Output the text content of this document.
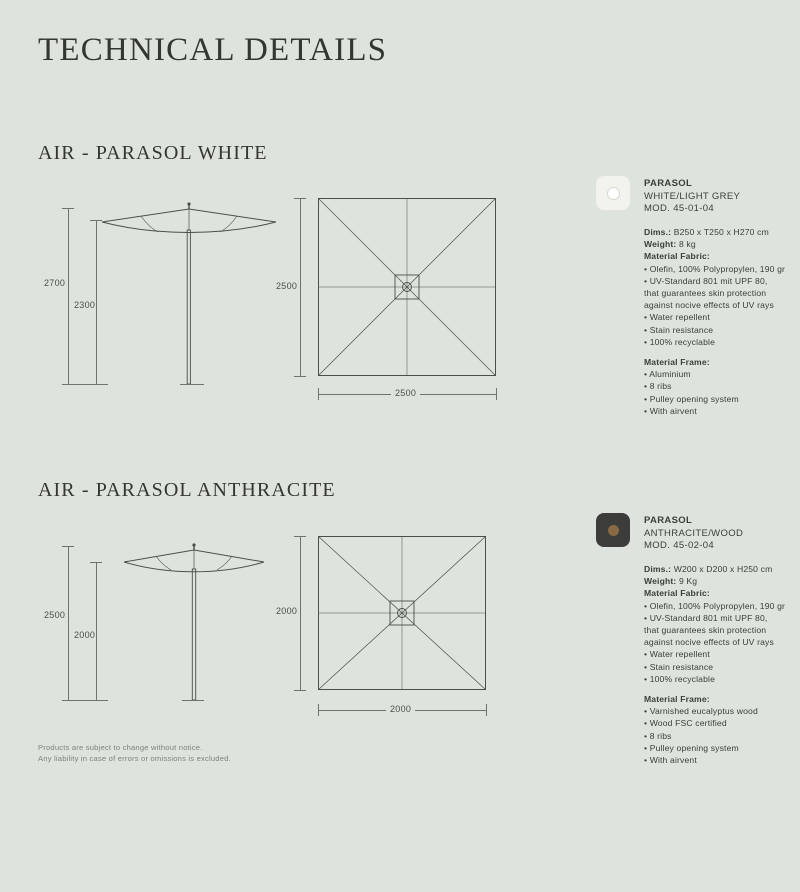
TECHNICAL DETAILS
AIR - PARASOL WHITE
2700
2300
2500
2500
PARASOL
WHITE/LIGHT GREY
MOD. 45-01-04
Dims.: B250 x T250 x H270 cm
Weight: 8 kg
Material Fabric:
• Olefin, 100% Polypropylen, 190 gr
• UV-Standard 801 mit UPF 80,
that guarantees skin protection
against nocive effects of UV rays
• Water repellent
• Stain resistance
• 100% recyclable
Material Frame:
• Aluminium
• 8 ribs
• Pulley opening system
• With airvent
AIR - PARASOL ANTHRACITE
2500
2000
2000
2000
PARASOL
ANTHRACITE/WOOD
MOD. 45-02-04
Dims.: W200 x D200 x H250 cm
Weight: 9 Kg
Material Fabric:
• Olefin, 100% Polypropylen, 190 gr
• UV-Standard 801 mit UPF 80,
that guarantees skin protection
against nocive effects of UV rays
• Water repellent
• Stain resistance
• 100% recyclable
Material Frame:
• Varnished eucalyptus wood
• Wood FSC certified
• 8 ribs
• Pulley opening system
• With airvent
Products are subject to change without notice.
Any liability in case of errors or omissions is excluded.
